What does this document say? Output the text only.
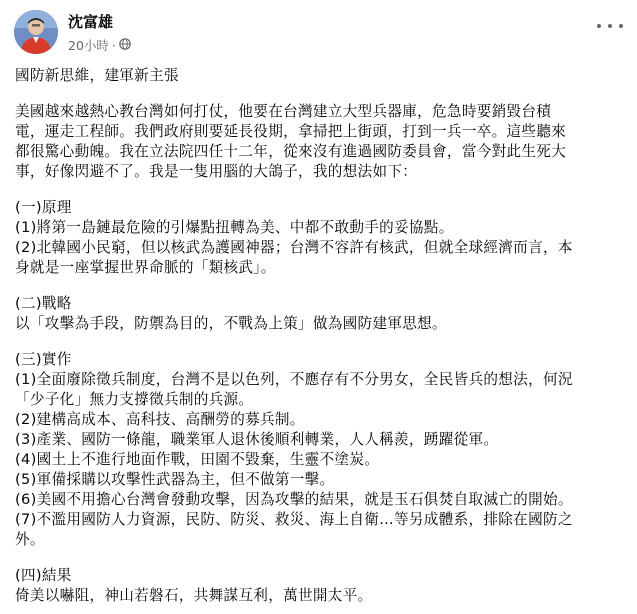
沈富雄
20小時 ·

國防新思維，建軍新主張

美國越來越熱心教台灣如何打仗，他要在台灣建立大型兵器庫，危急時要銷毀台積

電，運走工程師。我們政府則要延長役期，拿掃把上街頭，打到一兵一卒。這些聽來

都很驚心動魄。我在立法院四任十二年，從來沒有進過國防委員會，當今對此生死大

事，好像閃避不了。我是一隻用腦的大鴿子，我的想法如下：

(一)原理

(1)將第一島鏈最危險的引爆點扭轉為美、中都不敢動手的妥協點。

(2)北韓國小民窮，但以核武為護國神器；台灣不容許有核武，但就全球經濟而言，本

身就是一座掌握世界命脈的「類核武」。

(二)戰略

以「攻擊為手段，防禦為目的，不戰為上策」做為國防建軍思想。

(三)實作

(1)全面廢除徵兵制度，台灣不是以色列，不應存有不分男女，全民皆兵的想法，何況

「少子化」無力支撐徵兵制的兵源。

(2)建構高成本、高科技、高酬勞的募兵制。

(3)產業、國防一條龍，職業軍人退休後順利轉業，人人稱羨，踴躍從軍。

(4)國土上不進行地面作戰，田園不毀棄，生靈不塗炭。

(5)軍備採購以攻擊性武器為主，但不做第一擊。

(6)美國不用擔心台灣會發動攻擊，因為攻擊的結果，就是玉石俱焚自取滅亡的開始。

(7)不濫用國防人力資源，民防、防災、救災、海上自衛…等另成體系，排除在國防之

外。

(四)結果

倚美以嚇阻，神山若磐石，共舞謀互利，萬世開太平。
